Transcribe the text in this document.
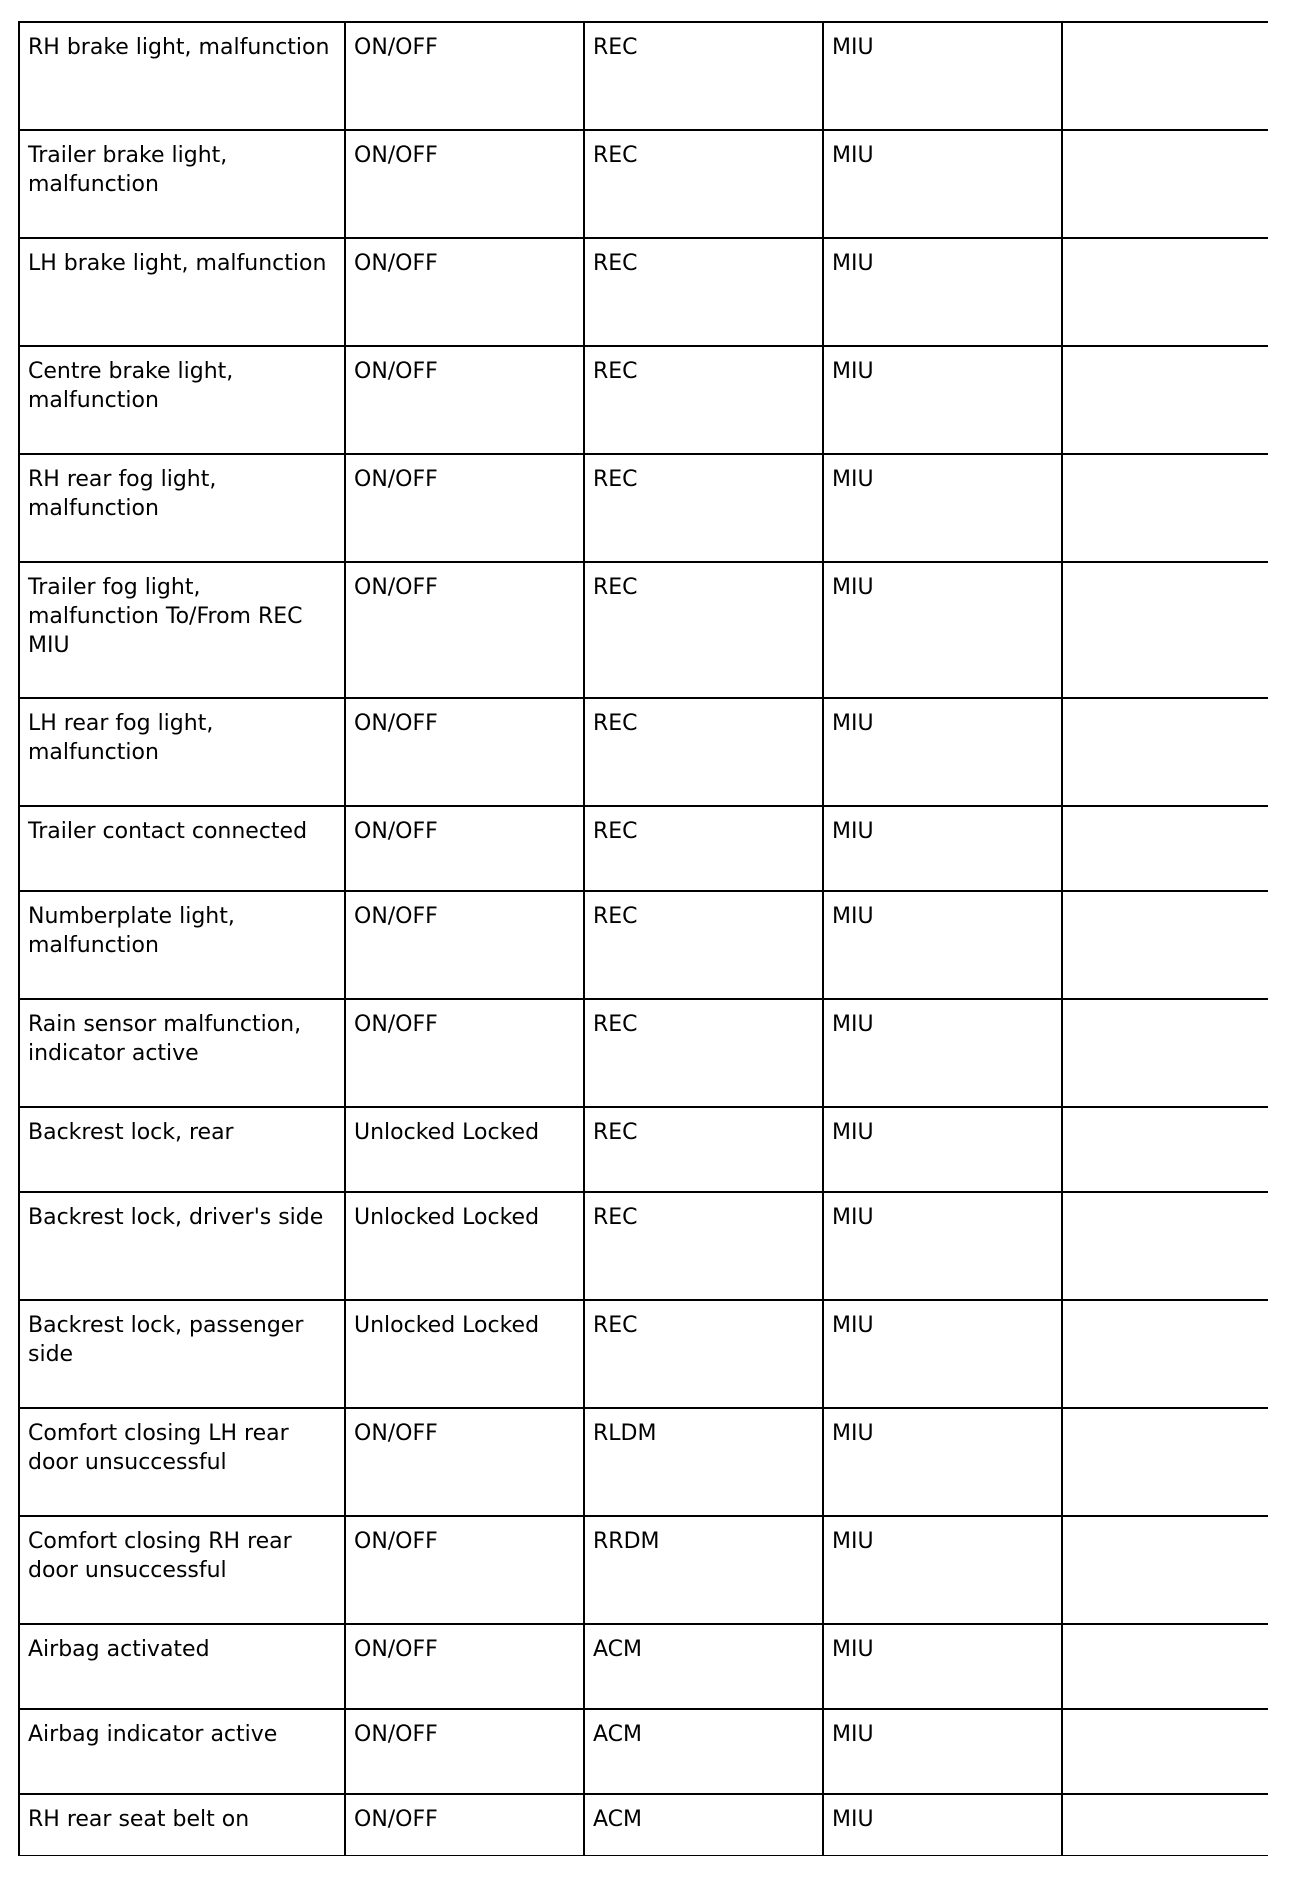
RH brake light, malfunction	ON/OFF	REC	MIU	
Trailer brake light, malfunction	ON/OFF	REC	MIU	
LH brake light, malfunction	ON/OFF	REC	MIU	
Centre brake light, malfunction	ON/OFF	REC	MIU	
RH rear fog light, malfunction	ON/OFF	REC	MIU	
Trailer fog light, malfunction To/From REC MIU	ON/OFF	REC	MIU	
LH rear fog light, malfunction	ON/OFF	REC	MIU	
Trailer contact connected	ON/OFF	REC	MIU	
Numberplate light, malfunction	ON/OFF	REC	MIU	
Rain sensor malfunction, indicator active	ON/OFF	REC	MIU	
Backrest lock, rear	Unlocked Locked	REC	MIU	
Backrest lock, driver's side	Unlocked Locked	REC	MIU	
Backrest lock, passenger side	Unlocked Locked	REC	MIU	
Comfort closing LH rear door unsuccessful	ON/OFF	RLDM	MIU	
Comfort closing RH rear door unsuccessful	ON/OFF	RRDM	MIU	
Airbag activated	ON/OFF	ACM	MIU	
Airbag indicator active	ON/OFF	ACM	MIU	
RH rear seat belt on	ON/OFF	ACM	MIU	
